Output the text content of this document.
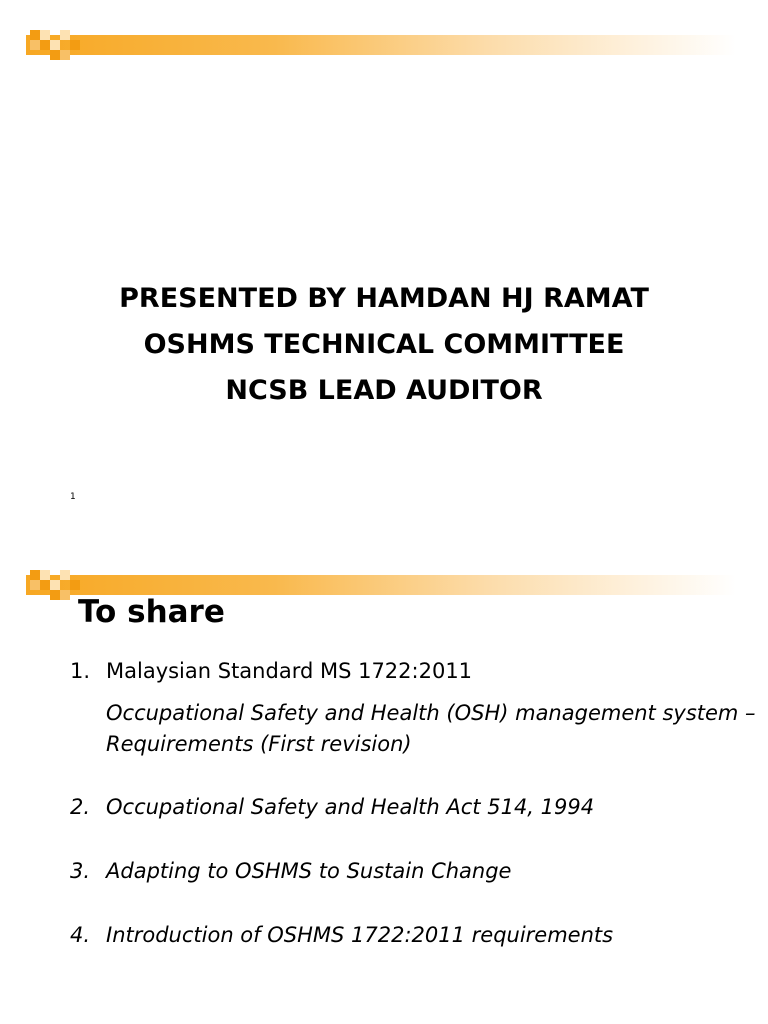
PRESENTED BY HAMDAN HJ RAMAT
OSHMS TECHNICAL COMMITTEE
NCSB LEAD AUDITOR
1
To share
1. Malaysian Standard MS 1722:2011
Occupational Safety and Health (OSH) management system – Requirements (First revision)
2. Occupational Safety and Health Act 514, 1994
3. Adapting to OSHMS to Sustain Change
4. Introduction of OSHMS 1722:2011 requirements
